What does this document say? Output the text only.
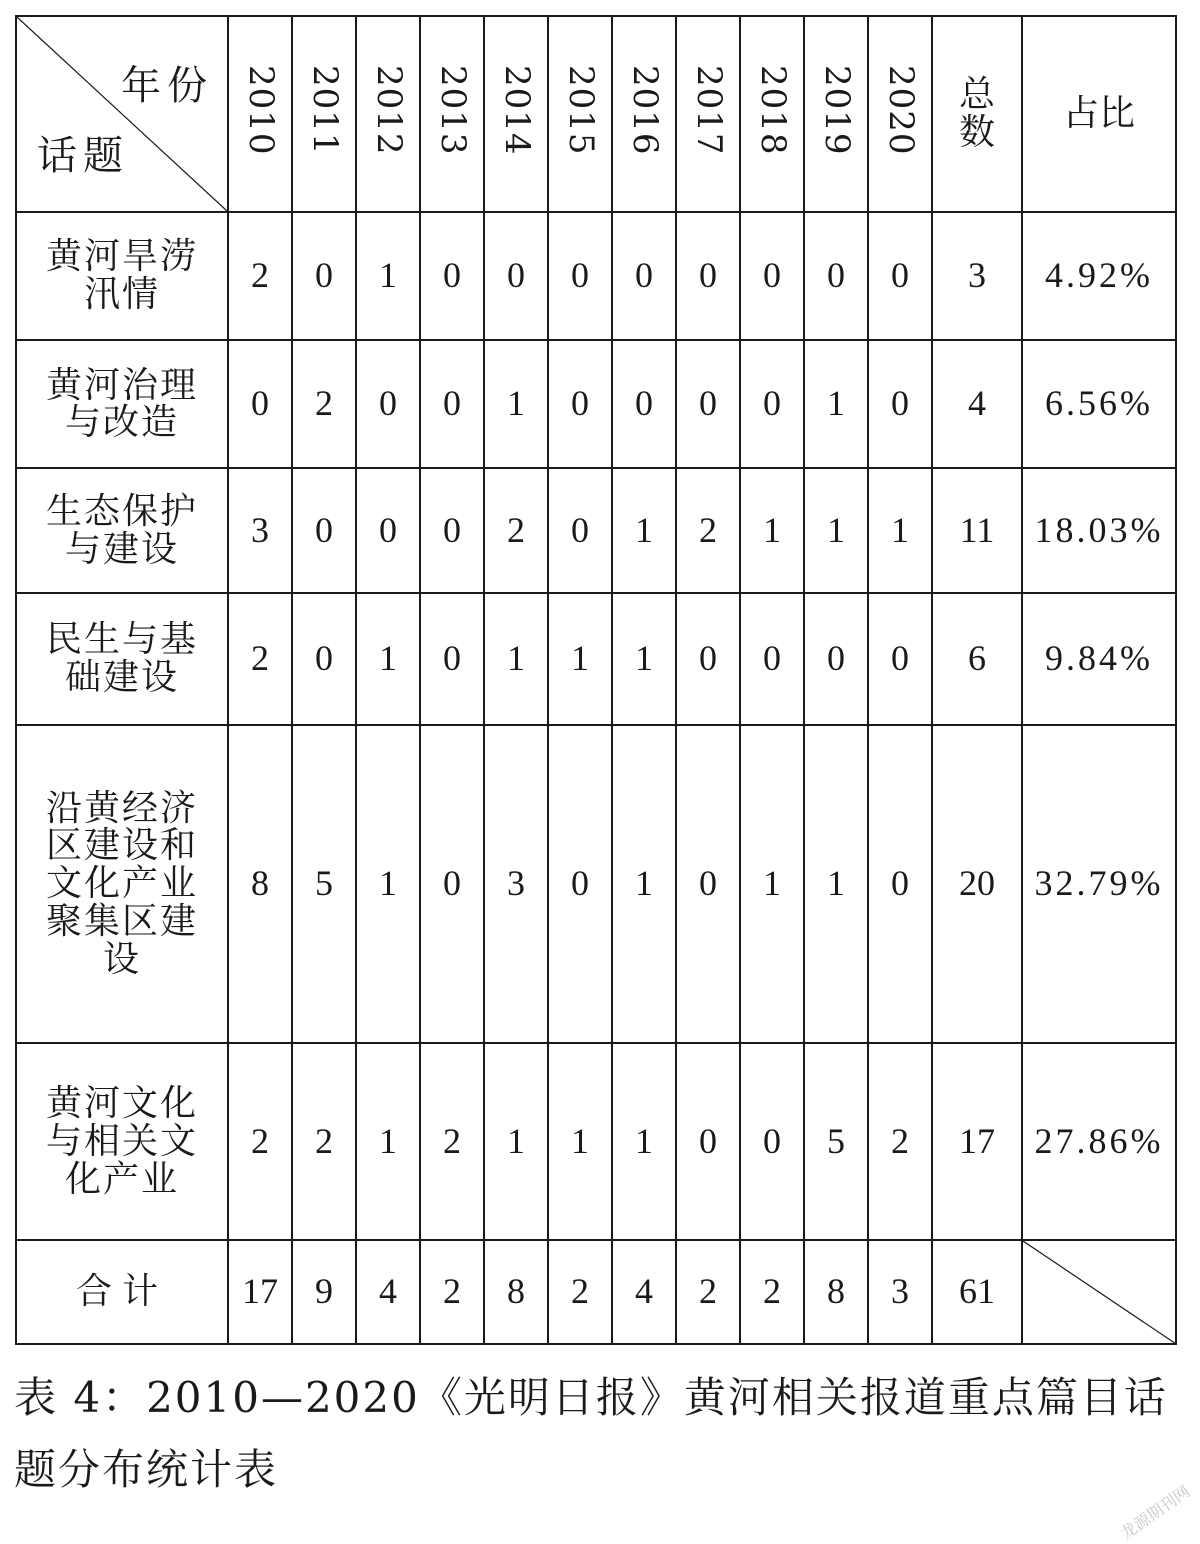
年份
话题	2010	2011	2012	2013	2014	2015	2016	2017	2018	2019	2020	总数	占比
黄河旱涝汛情	2	0	1	0	0	0	0	0	0	0	0	3	4.92%
黄河治理与改造	0	2	0	0	1	0	0	0	0	1	0	4	6.56%
生态保护与建设	3	0	0	0	2	0	1	2	1	1	1	11	18.03%
民生与基础建设	2	0	1	0	1	1	1	0	0	0	0	6	9.84%
沿黄经济区建设和文化产业聚集区建设	8	5	1	0	3	0	1	0	1	1	0	20	32.79%
黄河文化与相关文化产业	2	2	1	2	1	1	1	0	0	5	2	17	27.86%
合计	17	9	4	2	8	2	4	2	2	8	3	61	

表 4：2010—2020《光明日报》黄河相关报道重点篇目话题分布统计表

龙源期刊网
